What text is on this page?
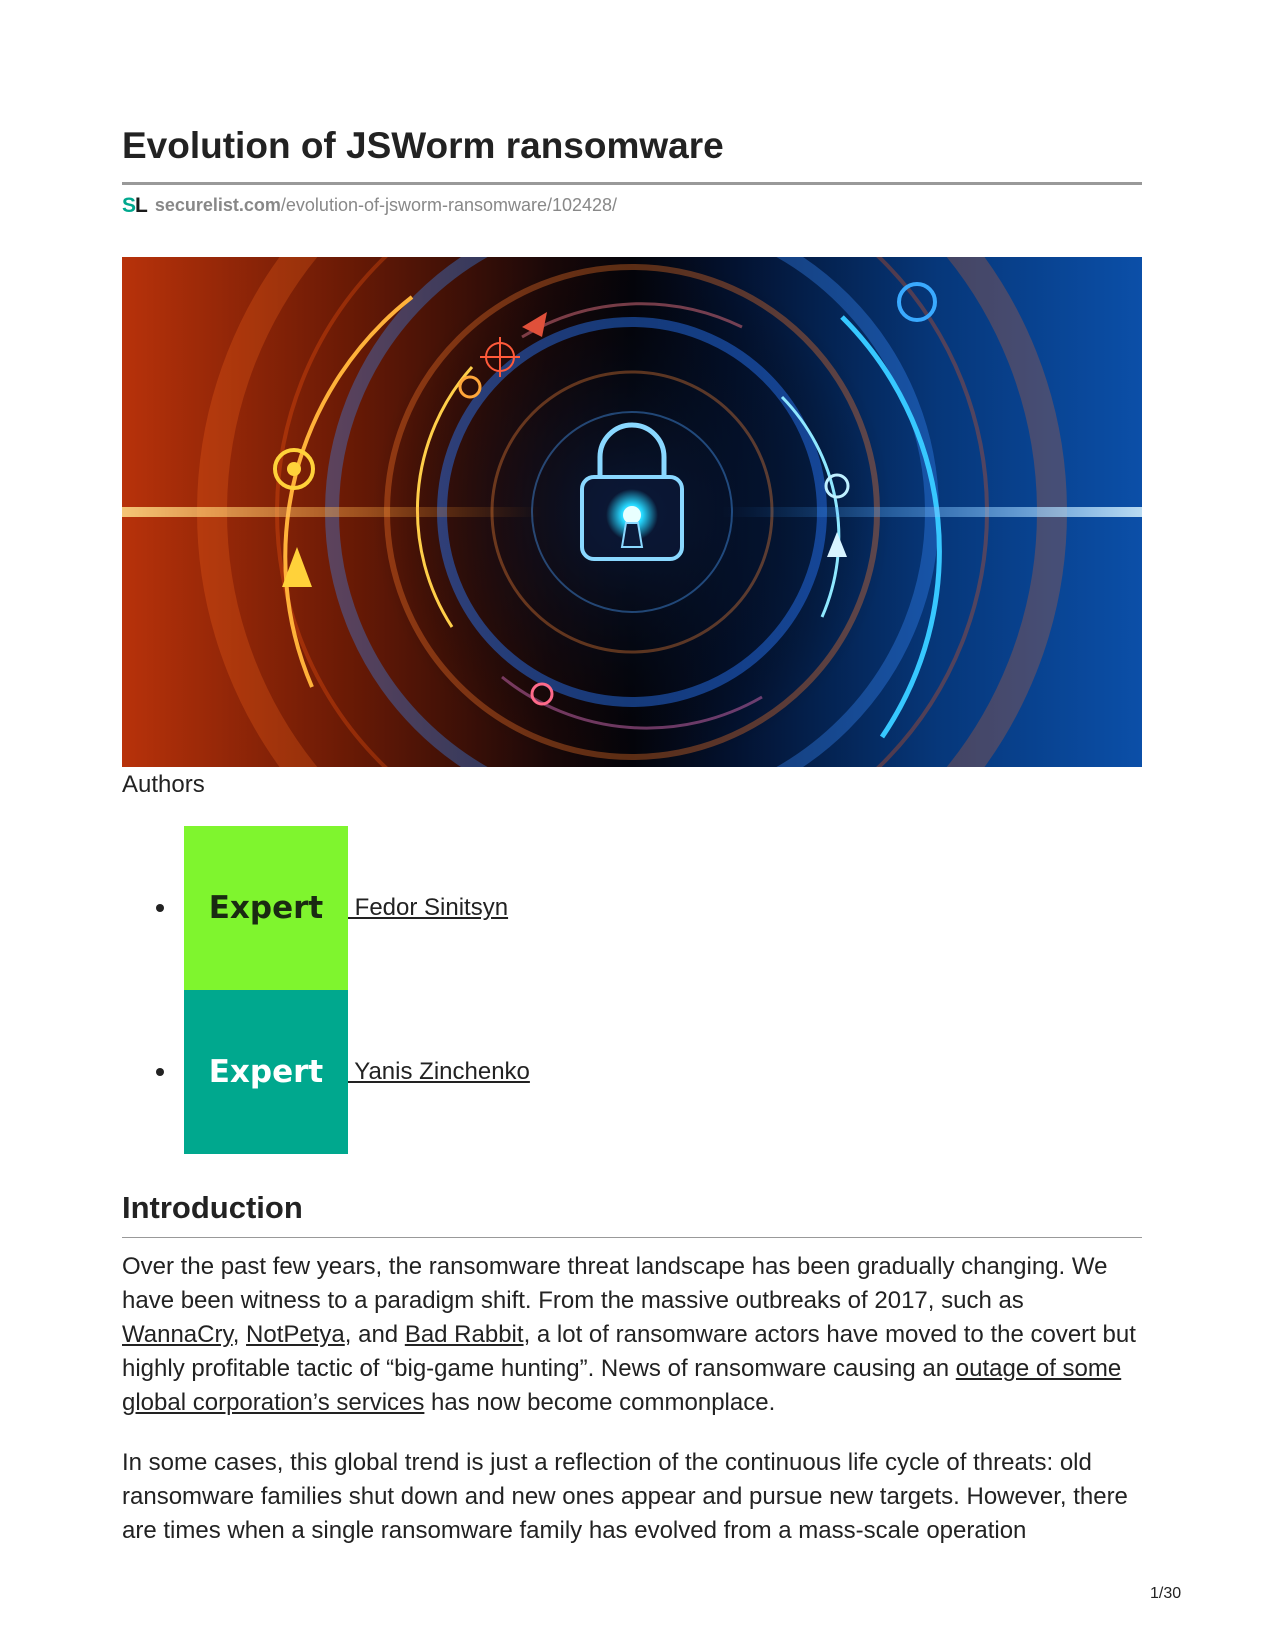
Evolution of JSWorm ransomware
SL securelist.com /evolution-of-jsworm-ransomware/102428/
Authors
Expert	Fedor Sinitsyn
Expert	Yanis Zinchenko
Introduction

Over the past few years, the ransomware threat landscape has been gradually changing. We have been witness to a paradigm shift. From the massive outbreaks of 2017, such as WannaCry, NotPetya, and Bad Rabbit, a lot of ransomware actors have moved to the covert but highly profitable tactic of “big-game hunting”. News of ransomware causing an outage of some global corporation’s services has now become commonplace.

In some cases, this global trend is just a reflection of the continuous life cycle of threats: old ransomware families shut down and new ones appear and pursue new targets. However, there are times when a single ransomware family has evolved from a mass-scale operation

1/30
